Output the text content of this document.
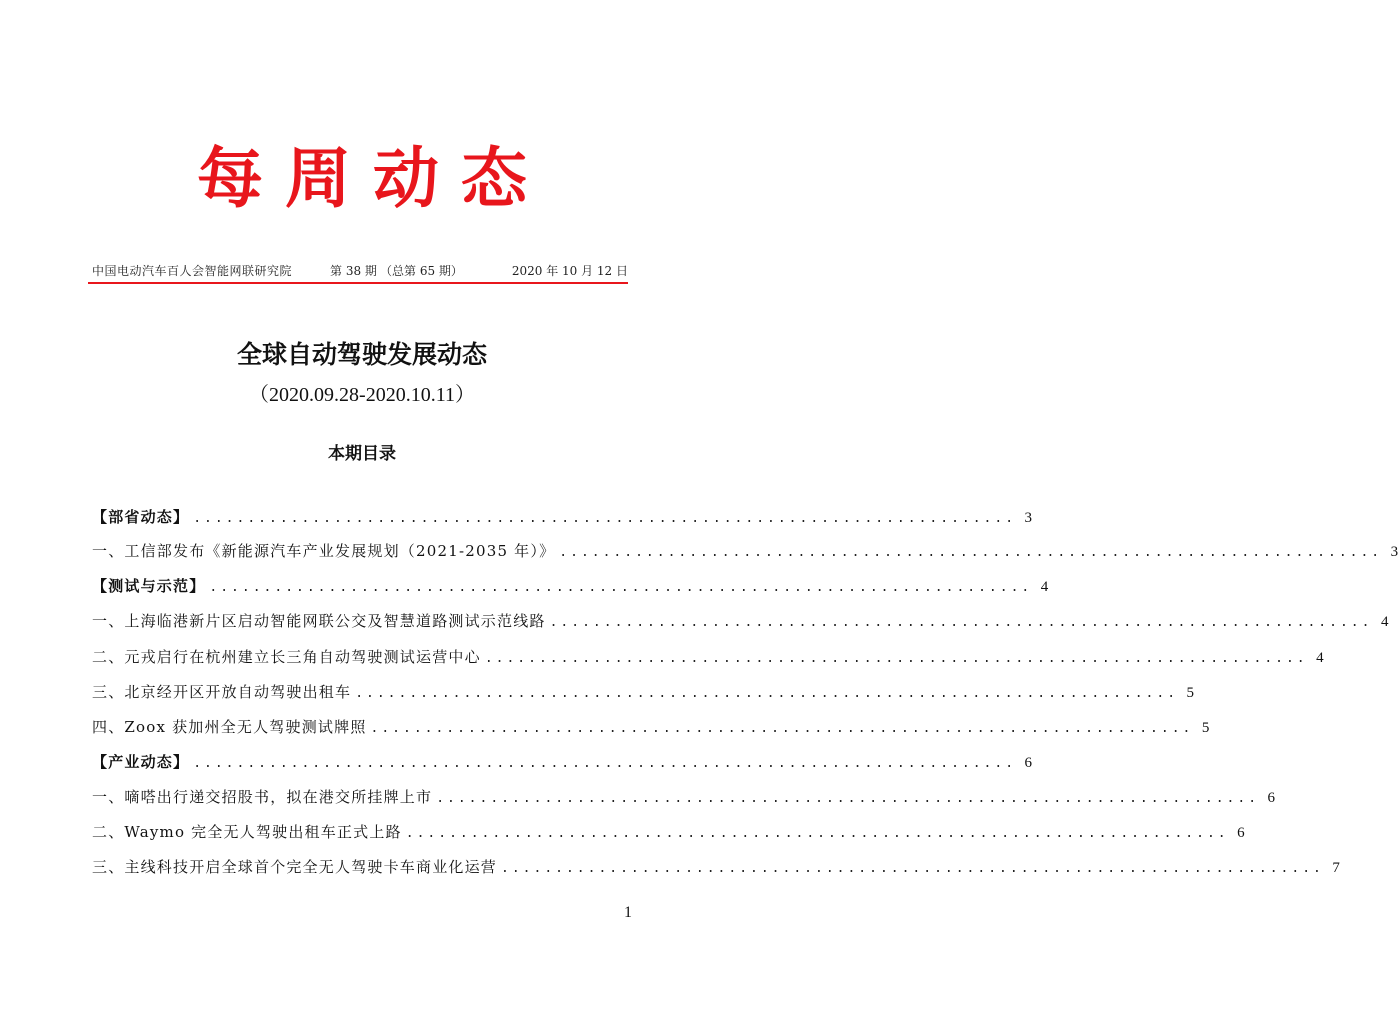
每周动态
中国电动汽车百人会智能网联研究院	第 38 期 （总第 65 期）	2020 年 10 月 12 日
全球自动驾驶发展动态
（2020.09.28-2020.10.11）
本期目录
【部省动态】 ............................................................................ 3
一、工信部发布《新能源汽车产业发展规划（2021-2035 年）》 ............................................................................ 3
【测试与示范】 ............................................................................ 4
一、上海临港新片区启动智能网联公交及智慧道路测试示范线路 ............................................................................ 4
二、元戎启行在杭州建立长三角自动驾驶测试运营中心 ............................................................................ 4
三、北京经开区开放自动驾驶出租车 ............................................................................ 5
四、Zoox 获加州全无人驾驶测试牌照 ............................................................................ 5
【产业动态】 ............................................................................ 6
一、嘀嗒出行递交招股书，拟在港交所挂牌上市 ............................................................................ 6
二、Waymo 完全无人驾驶出租车正式上路 ............................................................................ 6
三、主线科技开启全球首个完全无人驾驶卡车商业化运营 ............................................................................ 7
1
